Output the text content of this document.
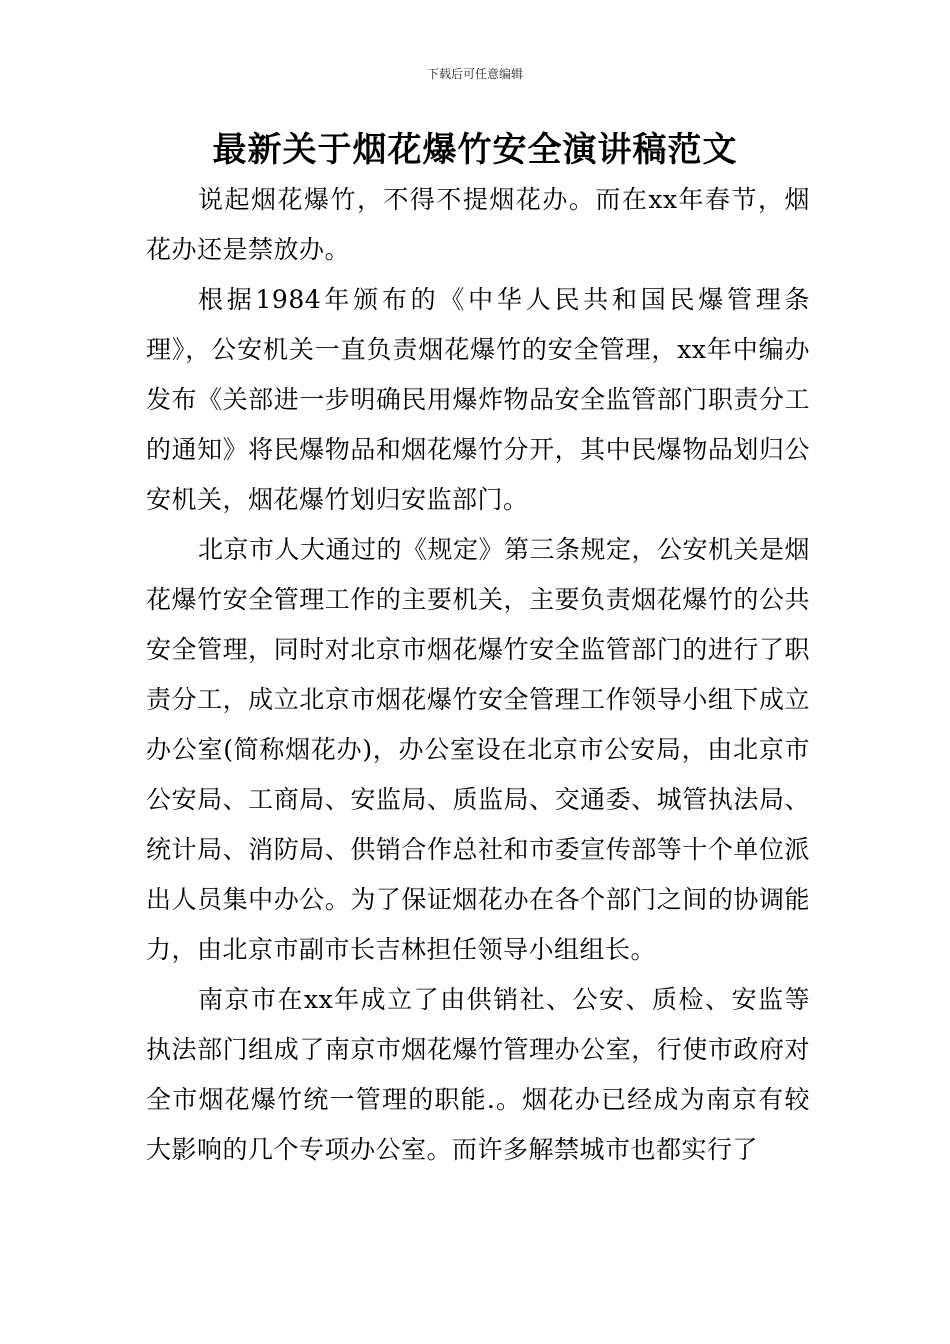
下载后可任意编辑
最新关于烟花爆竹安全演讲稿范文

说起烟花爆竹，不得不提烟花办。而在xx年春节，烟花办还是禁放办。

根据1984年颁布的《中华人民共和国民爆管理条理》，公安机关一直负责烟花爆竹的安全管理，xx年中编办发布《关部进一步明确民用爆炸物品安全监管部门职责分工的通知》将民爆物品和烟花爆竹分开，其中民爆物品划归公安机关，烟花爆竹划归安监部门。

北京市人大通过的《规定》第三条规定，公安机关是烟花爆竹安全管理工作的主要机关，主要负责烟花爆竹的公共安全管理，同时对北京市烟花爆竹安全监管部门的进行了职责分工，成立北京市烟花爆竹安全管理工作领导小组下成立办公室(简称烟花办)，办公室设在北京市公安局，由北京市公安局、工商局、安监局、质监局、交通委、城管执法局、统计局、消防局、供销合作总社和市委宣传部等十个单位派出人员集中办公。为了保证烟花办在各个部门之间的协调能力，由北京市副市长吉林担任领导小组组长。

南京市在xx年成立了由供销社、公安、质检、安监等执法部门组成了南京市烟花爆竹管理办公室，行使市政府对全市烟花爆竹统一管理的职能.。烟花办已经成为南京有较大影响的几个专项办公室。而许多解禁城市也都实行了
